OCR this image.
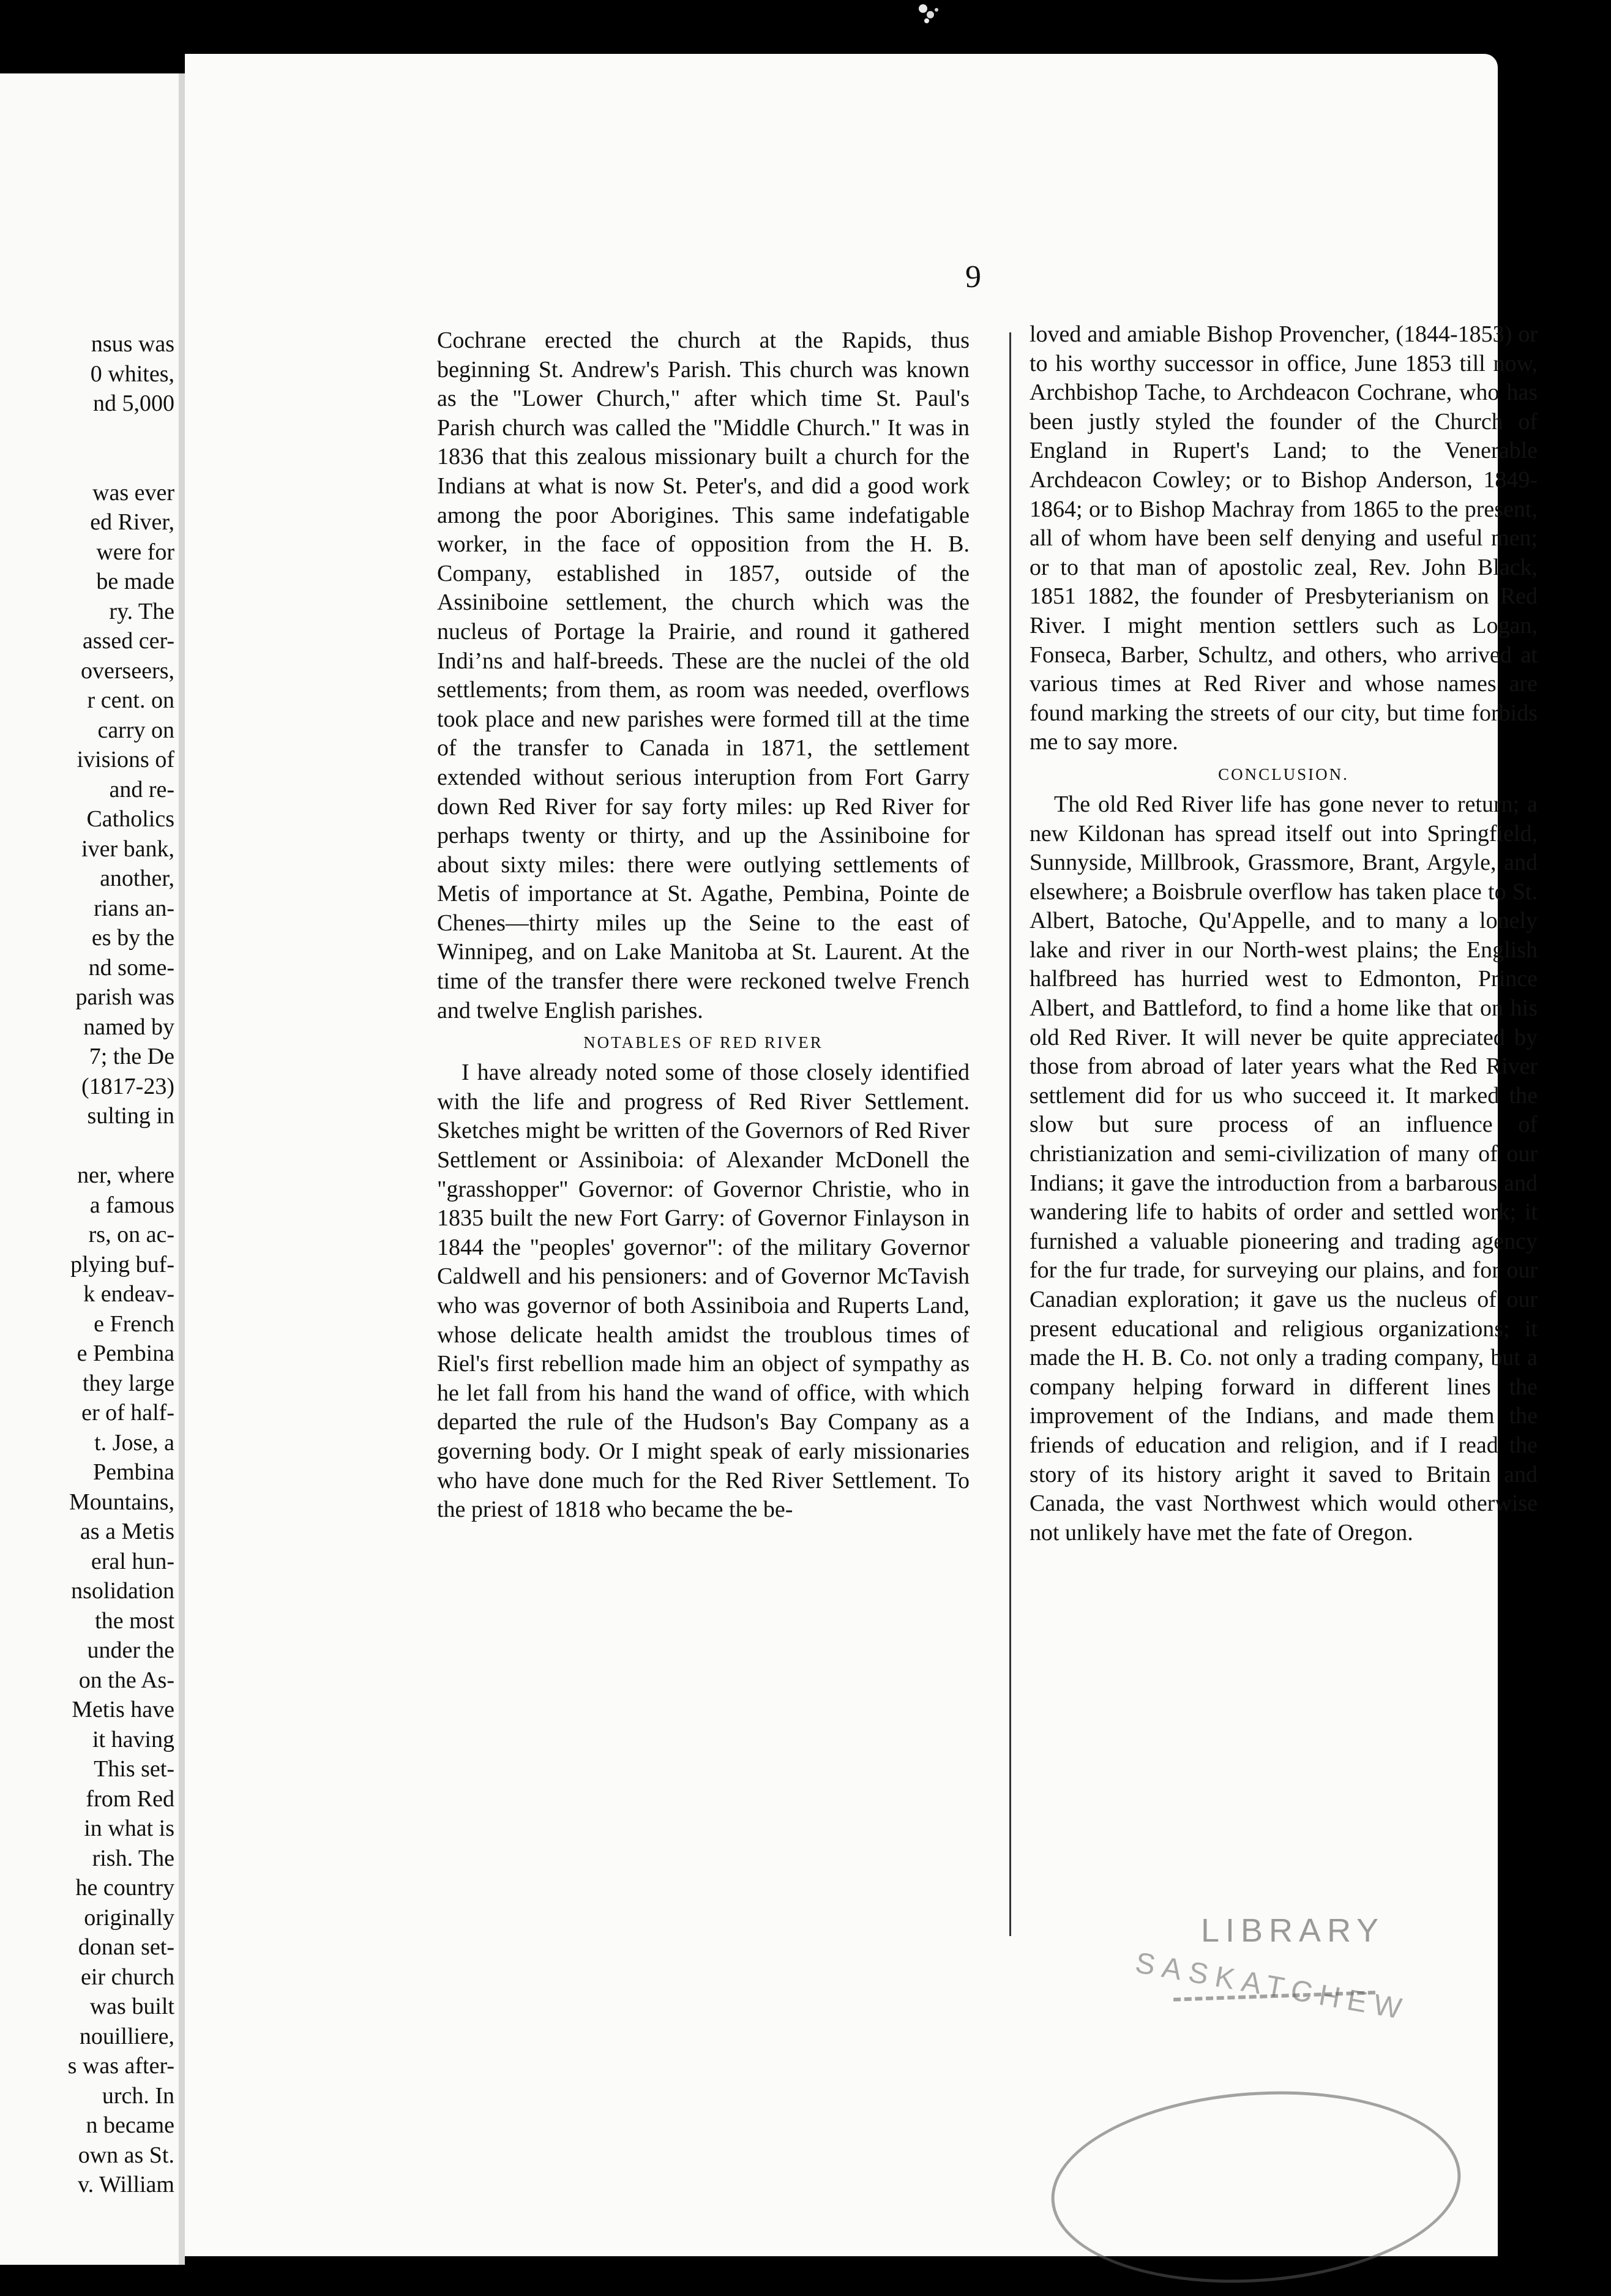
nsus was
0 whites,
nd 5,000

was ever
ed River,
were for
be made
ry. The
assed cer-
overseers,
r cent. on
carry on
ivisions of
and re-
Catholics
iver bank,
another,
rians an-
es by the
nd some-
parish was
named by
7; the De
(1817-23)
sulting in

ner, where
a famous
rs, on ac-
plying buf-
k endeav-
e French
e Pembina
they large
er of half-
t. Jose, a
Pembina
Mountains,
as a Metis
eral hun-
nsolidation
the most
under the
on the As-
Metis have
it having
This set-
from Red
in what is
rish. The
he country
originally
donan set-
eir church
was built
nouilliere,
s was after-
urch. In
n became
own as St.
v. William
9

Cochrane erected the church at the Rapids, thus beginning St. Andrew's Parish. This church was known as the "Lower Church," after which time St. Paul's Parish church was called the "Middle Church." It was in 1836 that this zealous missionary built a church for the Indians at what is now St. Peter's, and did a good work among the poor Aborigines. This same indefatigable worker, in the face of opposition from the H. B. Company, established in 1857, outside of the Assiniboine settlement, the church which was the nucleus of Portage la Prairie, and round it gathered Indi’ns and half-breeds. These are the nuclei of the old settlements; from them, as room was needed, overflows took place and new parishes were formed till at the time of the transfer to Canada in 1871, the settlement extended without serious interuption from Fort Garry down Red River for say forty miles: up Red River for perhaps twenty or thirty, and up the Assiniboine for about sixty miles: there were outlying settlements of Metis of importance at St. Agathe, Pembina, Pointe de Chenes—thirty miles up the Seine to the east of Winnipeg, and on Lake Manitoba at St. Laurent. At the time of the transfer there were reckoned twelve French and twelve English parishes.

NOTABLES OF RED RIVER

I have already noted some of those closely identified with the life and progress of Red River Settlement. Sketches might be written of the Governors of Red River Settlement or Assiniboia: of Alexander McDonell the "grasshopper" Governor: of Governor Christie, who in 1835 built the new Fort Garry: of Governor Finlayson in 1844 the "peoples' governor": of the military Governor Caldwell and his pensioners: and of Governor McTavish who was governor of both Assiniboia and Ruperts Land, whose delicate health amidst the troublous times of Riel's first rebellion made him an object of sympathy as he let fall from his hand the wand of office, with which departed the rule of the Hudson's Bay Company as a governing body. Or I might speak of early missionaries who have done much for the Red River Settlement. To the priest of 1818 who became the be-

loved and amiable Bishop Provencher, (1844-1853) or to his worthy successor in office, June 1853 till now, Archbishop Tache, to Archdeacon Cochrane, who has been justly styled the founder of the Church of England in Rupert's Land; to the Venerable Archdeacon Cowley; or to Bishop Anderson, 1849-1864; or to Bishop Machray from 1865 to the present, all of whom have been self denying and useful men; or to that man of apostolic zeal, Rev. John Black, 1851 1882, the founder of Presbyterianism on Red River. I might mention settlers such as Logan, Fonseca, Barber, Schultz, and others, who arrived at various times at Red River and whose names are found marking the streets of our city, but time forbids me to say more.

CONCLUSION.

The old Red River life has gone never to return; a new Kildonan has spread itself out into Springfield, Sunnyside, Millbrook, Grassmore, Brant, Argyle, and elsewhere; a Boisbrule overflow has taken place to St. Albert, Batoche, Qu'Appelle, and to many a lonely lake and river in our North-west plains; the English halfbreed has hurried west to Edmonton, Prince Albert, and Battleford, to find a home like that on his old Red River. It will never be quite appreciated by those from abroad of later years what the Red River settlement did for us who succeed it. It marked the slow but sure process of an influence of christianization and semi-civilization of many of our Indians; it gave the introduction from a barbarous and wandering life to habits of order and settled work; it furnished a valuable pioneering and trading agency for the fur trade, for surveying our plains, and for our Canadian exploration; it gave us the nucleus of our present educational and religious organizations; it made the H. B. Co. not only a trading company, but a company helping forward in different lines the improvement of the Indians, and made them the friends of education and religion, and if I read the story of its history aright it saved to Britain and Canada, the vast Northwest which would otherwise not unlikely have met the fate of Oregon.

LIBRARY
SASKATCHEW
